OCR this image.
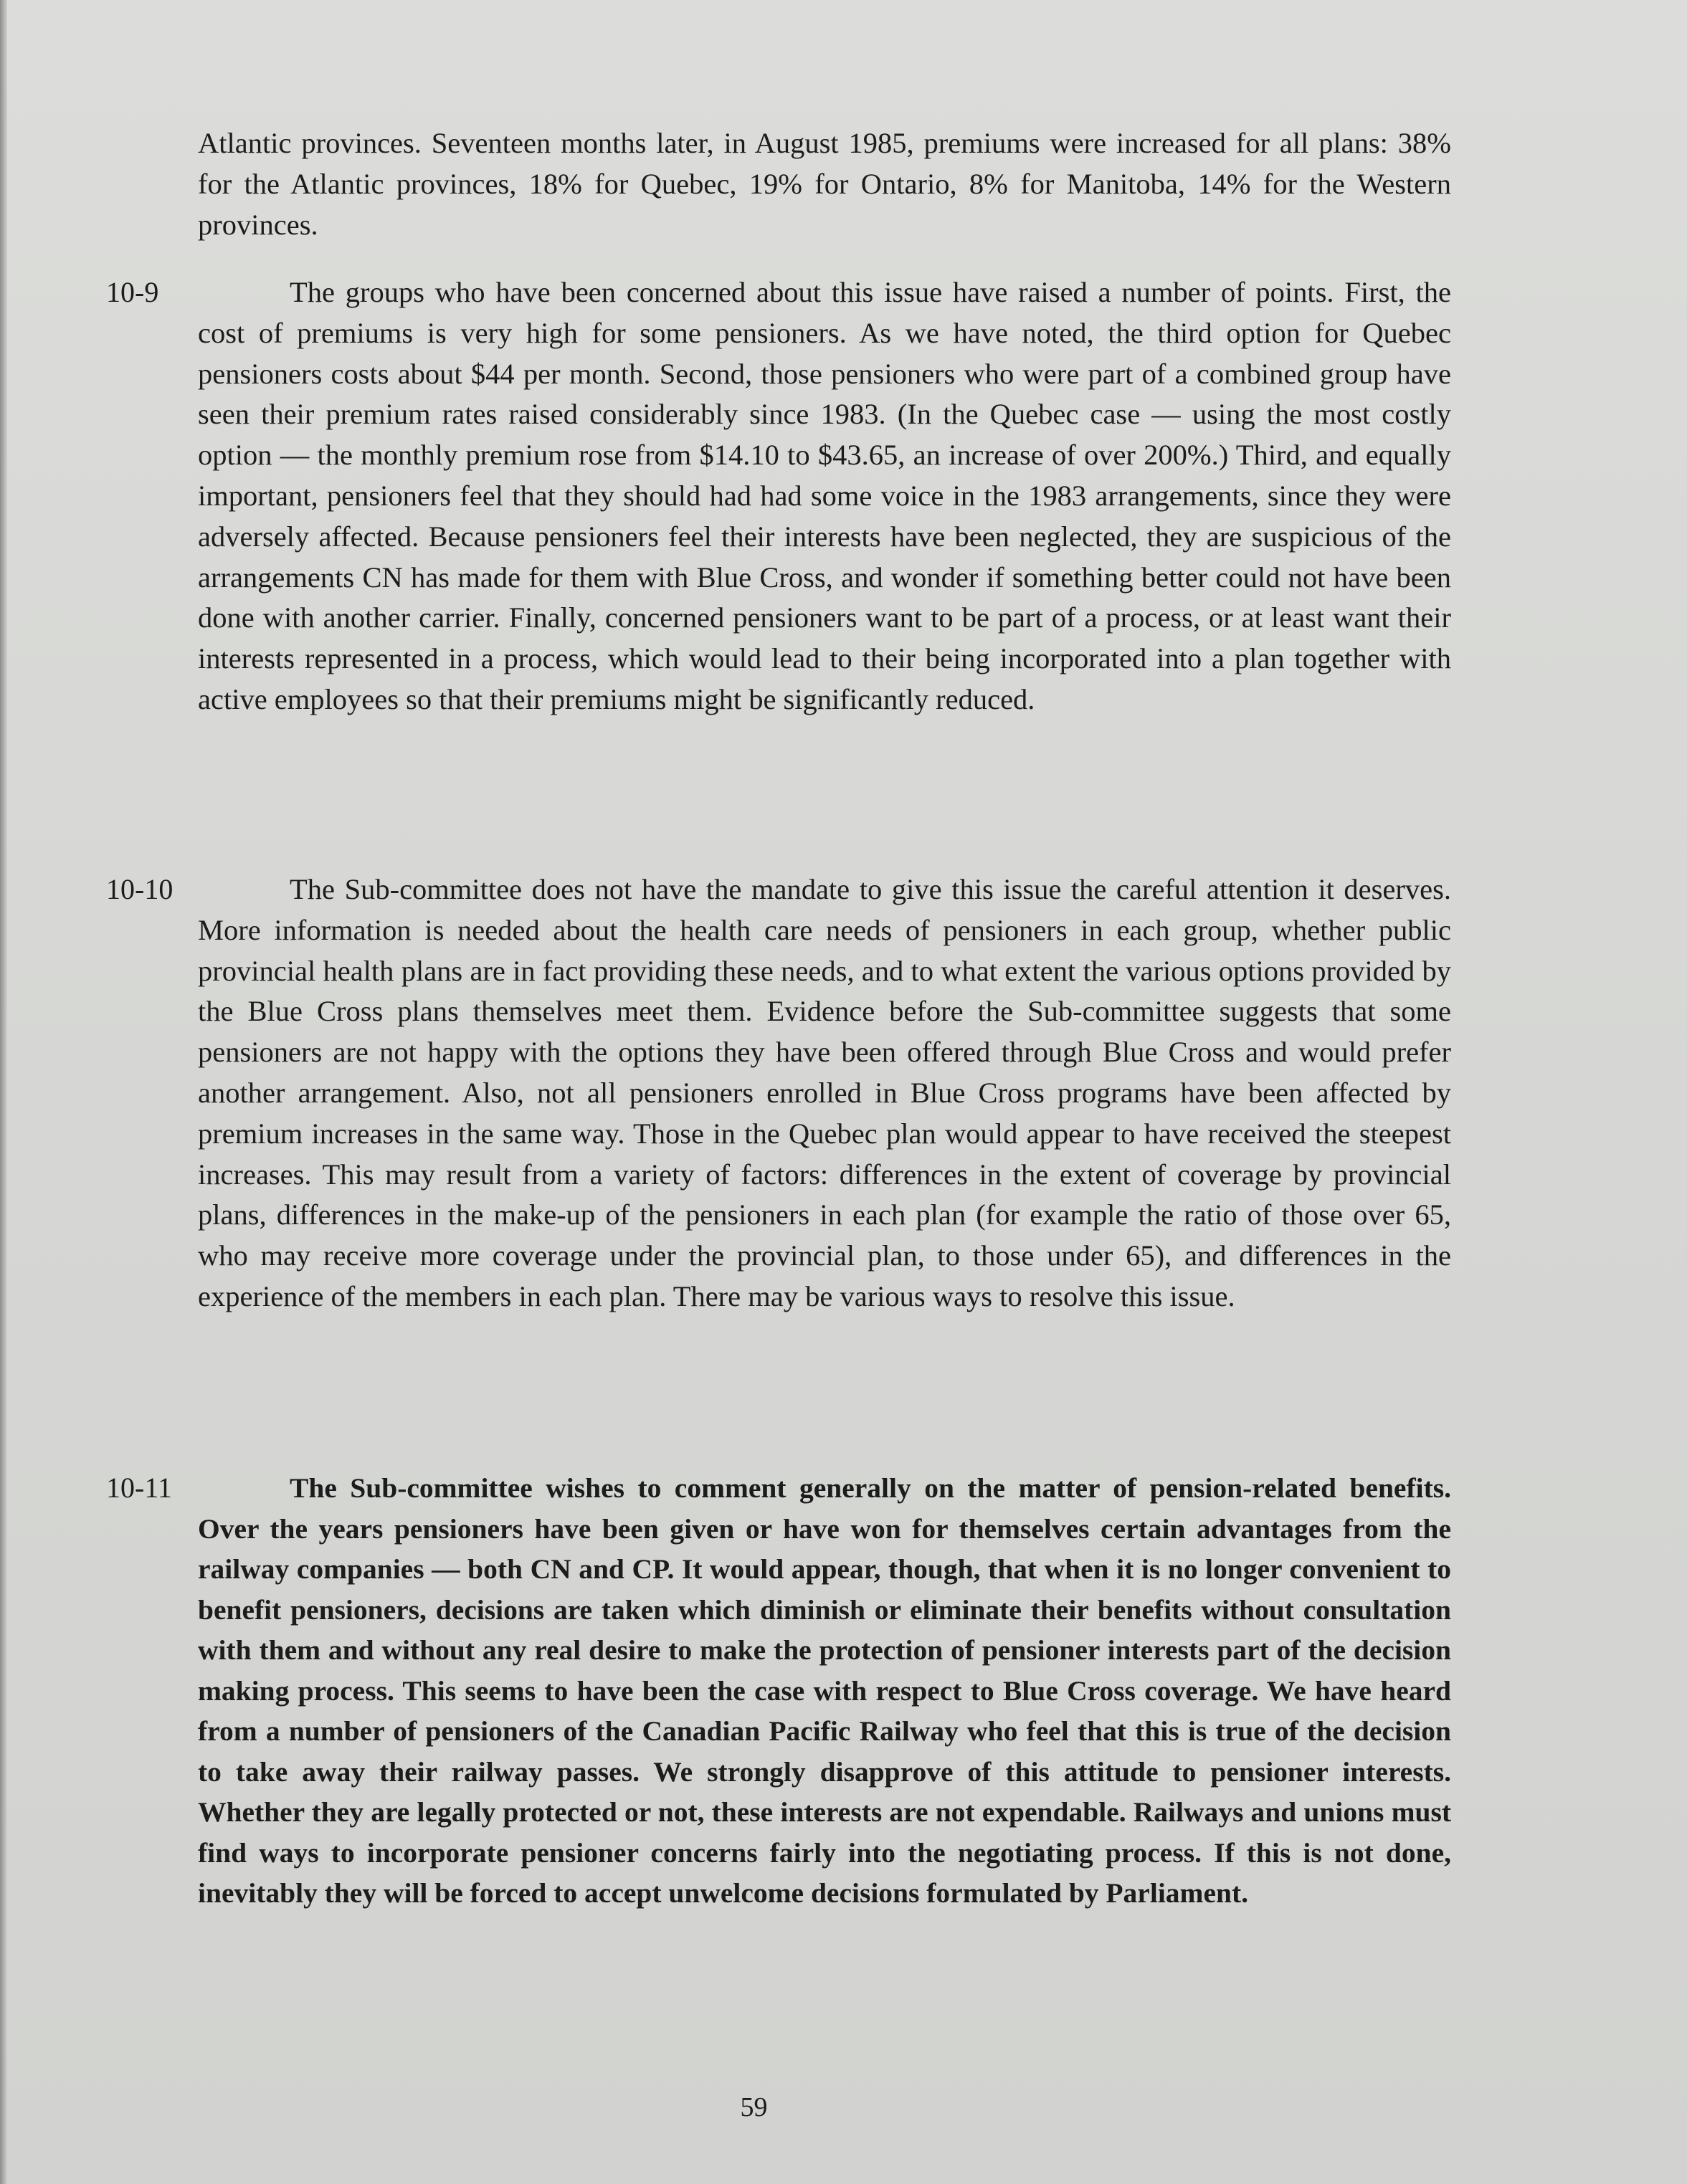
Atlantic provinces. Seventeen months later, in August 1985, premiums were increased for all plans: 38% for the Atlantic provinces, 18% for Quebec, 19% for Ontario, 8% for Manitoba, 14% for the Western provinces.

10-9	The groups who have been concerned about this issue have raised a number of points. First, the cost of premiums is very high for some pensioners. As we have noted, the third option for Quebec pensioners costs about $44 per month. Second, those pensioners who were part of a combined group have seen their premium rates raised considerably since 1983. (In the Quebec case — using the most costly option — the monthly premium rose from $14.10 to $43.65, an increase of over 200%.) Third, and equally important, pensioners feel that they should had had some voice in the 1983 arrangements, since they were adversely affected. Because pensioners feel their interests have been neglected, they are suspicious of the arrangements CN has made for them with Blue Cross, and wonder if something better could not have been done with another carrier. Finally, concerned pensioners want to be part of a process, or at least want their interests represented in a process, which would lead to their being incorporated into a plan together with active employees so that their premiums might be significantly reduced.

10-10	The Sub-committee does not have the mandate to give this issue the careful attention it deserves. More information is needed about the health care needs of pensioners in each group, whether public provincial health plans are in fact providing these needs, and to what extent the various options provided by the Blue Cross plans themselves meet them. Evidence before the Sub-committee suggests that some pensioners are not happy with the options they have been offered through Blue Cross and would prefer another arrangement. Also, not all pensioners enrolled in Blue Cross programs have been affected by premium increases in the same way. Those in the Quebec plan would appear to have received the steepest increases. This may result from a variety of factors: differences in the extent of coverage by provincial plans, differences in the make-up of the pensioners in each plan (for example the ratio of those over 65, who may receive more coverage under the provincial plan, to those under 65), and differences in the experience of the members in each plan. There may be various ways to resolve this issue.

10-11	The Sub-committee wishes to comment generally on the matter of pension-related benefits. Over the years pensioners have been given or have won for themselves certain advantages from the railway companies — both CN and CP. It would appear, though, that when it is no longer convenient to benefit pensioners, decisions are taken which diminish or eliminate their benefits without consultation with them and without any real desire to make the protection of pensioner interests part of the decision making process. This seems to have been the case with respect to Blue Cross coverage. We have heard from a number of pensioners of the Canadian Pacific Railway who feel that this is true of the decision to take away their railway passes. We strongly disapprove of this attitude to pensioner interests. Whether they are legally protected or not, these interests are not expendable. Railways and unions must find ways to incorporate pensioner concerns fairly into the negotiating process. If this is not done, inevitably they will be forced to accept unwelcome decisions formulated by Parliament.

59
